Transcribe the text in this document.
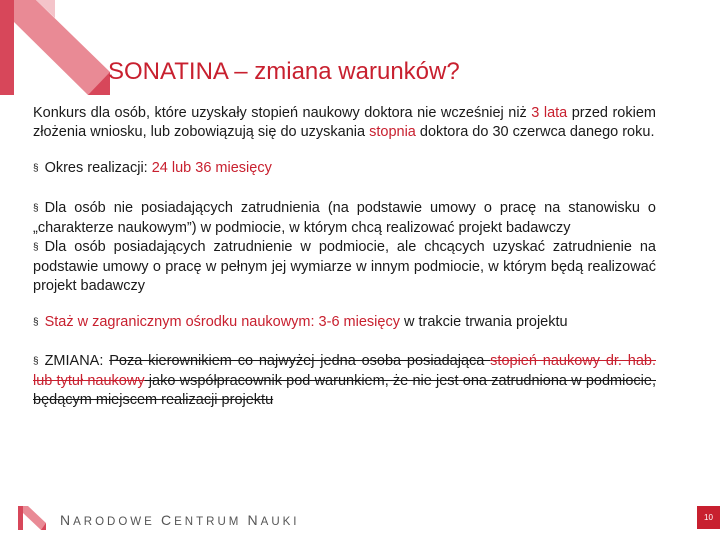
SONATINA – zmiana warunków?

Konkurs dla osób, które uzyskały stopień naukowy doktora nie wcześniej niż 3 lata przed rokiem złożenia wniosku, lub zobowiązują się do uzyskania stopnia doktora do 30 czerwca danego roku.

§ Okres realizacji: 24 lub 36 miesięcy

§ Dla osób nie posiadających zatrudnienia (na podstawie umowy o pracę na stanowisku o „charakterze naukowym”) w podmiocie, w którym chcą realizować projekt badawczy

§ Dla osób posiadających zatrudnienie w podmiocie, ale chcących uzyskać zatrudnienie na podstawie umowy o pracę w pełnym jej wymiarze w innym podmiocie, w którym będą realizować projekt badawczy

§ Staż w zagranicznym ośrodku naukowym: 3-6 miesięcy w trakcie trwania projektu

§ ZMIANA: Poza kierownikiem co najwyżej jedna osoba posiadająca stopień naukowy dr. hab. lub tytuł naukowy jako współpracownik pod warunkiem, że nie jest ona zatrudniona w podmiocie, będącym miejscem realizacji projektu

NARODOWE CENTRUM NAUKI	10
